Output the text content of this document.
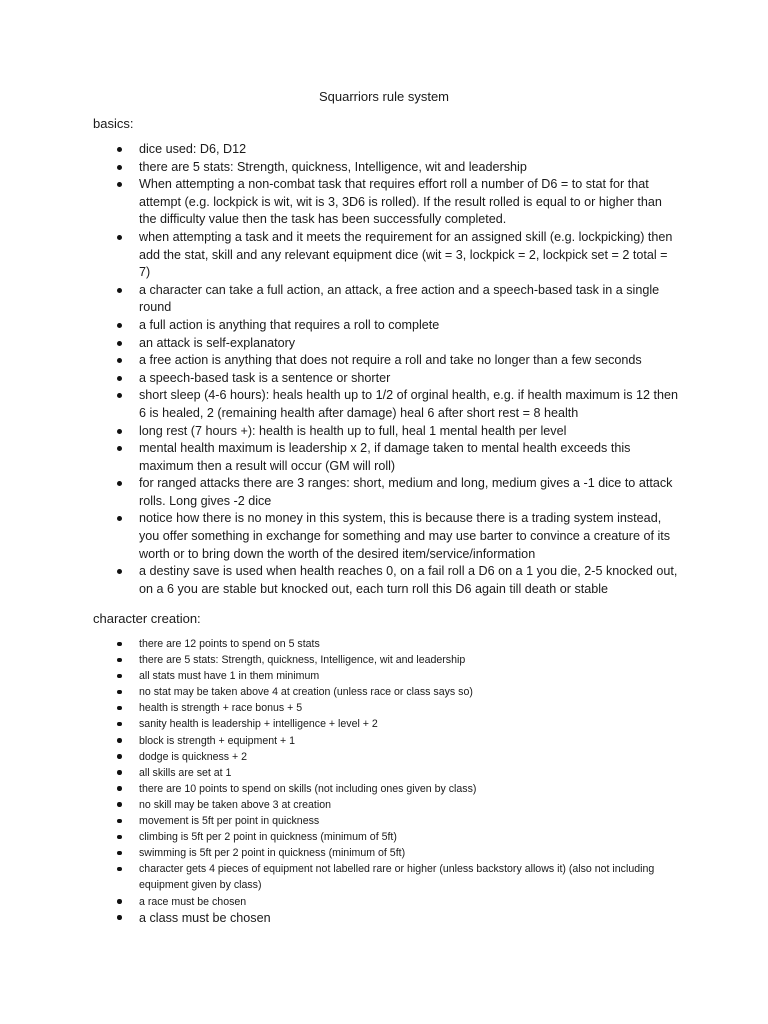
Squarriors rule system
basics:
dice used: D6, D12
there are 5 stats: Strength, quickness, Intelligence, wit and leadership
When attempting a non-combat task that requires effort roll a number of D6 = to stat for that attempt (e.g. lockpick is wit, wit is 3, 3D6 is rolled). If the result rolled is equal to or higher than the difficulty value then the task has been successfully completed.
when attempting a task and it meets the requirement for an assigned skill (e.g. lockpicking) then add the stat, skill and any relevant equipment dice (wit = 3, lockpick = 2, lockpick set = 2 total = 7)
a character can take a full action, an attack, a free action and a speech-based task in a single round
a full action is anything that requires a roll to complete
an attack is self-explanatory
a free action is anything that does not require a roll and take no longer than a few seconds
a speech-based task is a sentence or shorter
short sleep (4-6 hours): heals health up to 1/2 of orginal health, e.g. if health maximum is 12 then 6 is healed, 2 (remaining health after damage) heal 6 after short rest = 8 health
long rest (7 hours +): health is health up to full, heal 1 mental health per level
mental health maximum is leadership x 2, if damage taken to mental health exceeds this maximum then a result will occur (GM will roll)
for ranged attacks there are 3 ranges: short, medium and long, medium gives a -1 dice to attack rolls. Long gives -2 dice
notice how there is no money in this system, this is because there is a trading system instead, you offer something in exchange for something and may use barter to convince a creature of its worth or to bring down the worth of the desired item/service/information
a destiny save is used when health reaches 0, on a fail roll a D6 on a 1 you die, 2-5 knocked out, on a 6 you are stable but knocked out, each turn roll this D6 again till death or stable
character creation:
there are 12 points to spend on 5 stats
there are 5 stats: Strength, quickness, Intelligence, wit and leadership
all stats must have 1 in them minimum
no stat may be taken above 4 at creation (unless race or class says so)
health is strength + race bonus + 5
sanity health is leadership + intelligence + level + 2
block is strength + equipment + 1
dodge is quickness + 2
all skills are set at 1
there are 10 points to spend on skills (not including ones given by class)
no skill may be taken above 3 at creation
movement is 5ft per point in quickness
climbing is 5ft per 2 point in quickness (minimum of 5ft)
swimming is 5ft per 2 point in quickness (minimum of 5ft)
character gets 4 pieces of equipment not labelled rare or higher (unless backstory allows it) (also not including equipment given by class)
a race must be chosen
a class must be chosen
